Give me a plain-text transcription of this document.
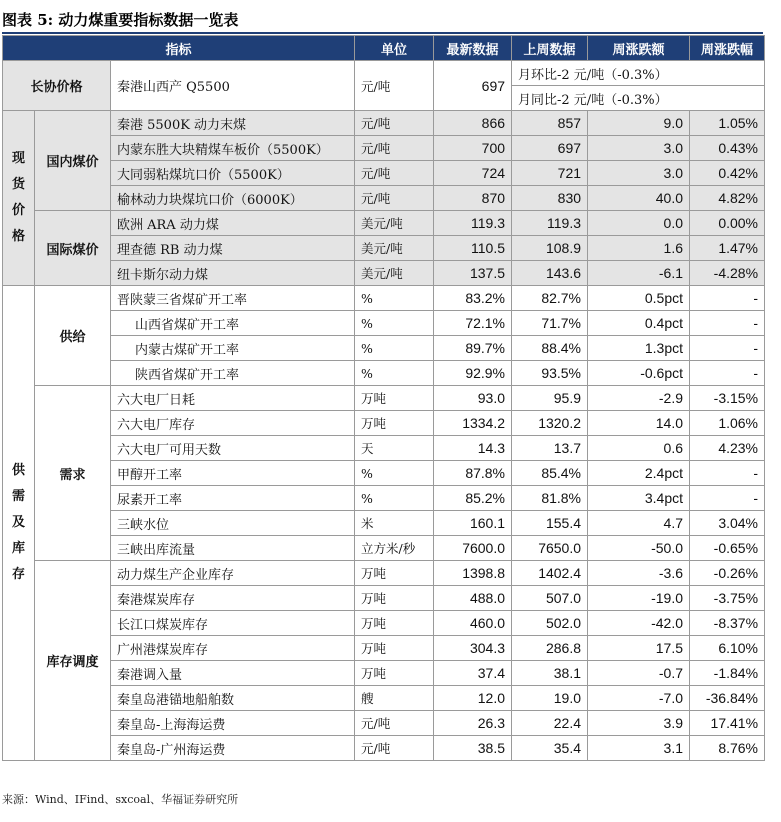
图表 5: 动力煤重要指标数据一览表
指标			单位	最新数据	上周数据	周涨跌额	周涨跌幅
长协价格		秦港山西产 Q5500	元/吨	697	月环比-2 元/吨（-0.3%）		
					月同比-2 元/吨（-0.3%）		
现货价格	国内煤价	秦港 5500K 动力末煤	元/吨	866	857	9.0	1.05%
		内蒙东胜大块精煤车板价（5500K）	元/吨	700	697	3.0	0.43%
		大同弱粘煤坑口价（5500K）	元/吨	724	721	3.0	0.42%
		榆林动力块煤坑口价（6000K）	元/吨	870	830	40.0	4.82%
	国际煤价	欧洲 ARA 动力煤	美元/吨	119.3	119.3	0.0	0.00%
		理查德 RB 动力煤	美元/吨	110.5	108.9	1.6	1.47%
		纽卡斯尔动力煤	美元/吨	137.5	143.6	-6.1	-4.28%
供需及库存	供给	晋陕蒙三省煤矿开工率	%	83.2%	82.7%	0.5pct	-
		山西省煤矿开工率	%	72.1%	71.7%	0.4pct	-
		内蒙古煤矿开工率	%	89.7%	88.4%	1.3pct	-
		陕西省煤矿开工率	%	92.9%	93.5%	-0.6pct	-
	需求	六大电厂日耗	万吨	93.0	95.9	-2.9	-3.15%
		六大电厂库存	万吨	1334.2	1320.2	14.0	1.06%
		六大电厂可用天数	天	14.3	13.7	0.6	4.23%
		甲醇开工率	%	87.8%	85.4%	2.4pct	-
		尿素开工率	%	85.2%	81.8%	3.4pct	-
		三峡水位	米	160.1	155.4	4.7	3.04%
		三峡出库流量	立方米/秒	7600.0	7650.0	-50.0	-0.65%
	库存调度	动力煤生产企业库存	万吨	1398.8	1402.4	-3.6	-0.26%
		秦港煤炭库存	万吨	488.0	507.0	-19.0	-3.75%
		长江口煤炭库存	万吨	460.0	502.0	-42.0	-8.37%
		广州港煤炭库存	万吨	304.3	286.8	17.5	6.10%
		秦港调入量	万吨	37.4	38.1	-0.7	-1.84%
		秦皇岛港锚地船舶数	艘	12.0	19.0	-7.0	-36.84%
		秦皇岛-上海海运费	元/吨	26.3	22.4	3.9	17.41%
		秦皇岛-广州海运费	元/吨	38.5	35.4	3.1	8.76%
来源：Wind、IFind、sxcoal、华福证券研究所
